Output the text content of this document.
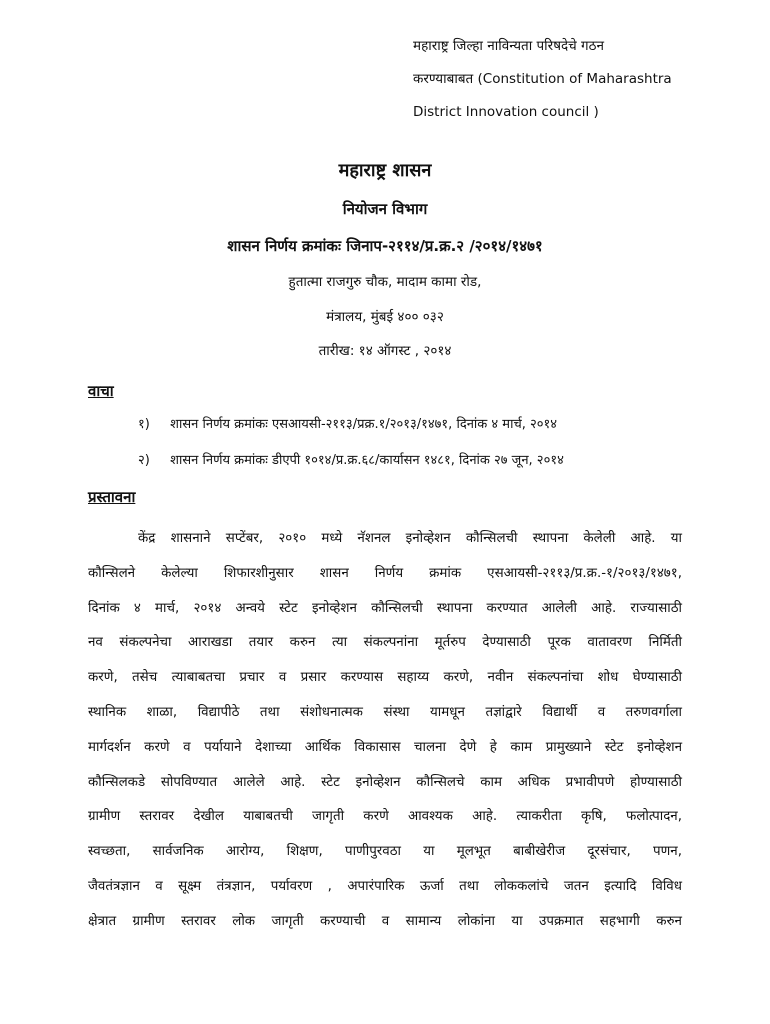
महाराष्ट्र जिल्हा नाविन्यता परिषदेचे गठन
करण्याबाबत (Constitution of Maharashtra
District Innovation council )
महाराष्ट्र शासन
नियोजन विभाग
शासन निर्णय क्रमांकः जिनाप-२११४/प्र.क्र.२ /२०१४/१४७१
हुतात्मा राजगुरु चौक, मादाम कामा रोड,
मंत्रालय, मुंबई ४०० ०३२
तारीख: १४ ऑगस्ट , २०१४
वाचा
१) शासन निर्णय क्रमांकः एसआयसी-२११३/प्रक्र.१/२०१३/१४७१, दिनांक ४ मार्च, २०१४
२) शासन निर्णय क्रमांकः डीएपी १०१४/प्र.क्र.६८/कार्यासन १४८१, दिनांक २७ जून, २०१४
प्रस्तावना
केंद्र शासनाने सप्टेंबर, २०१० मध्ये नॅशनल इनोव्हेशन कौन्सिलची स्थापना केलेली आहे. या
कौन्सिलने केलेल्या शिफारशीनुसार शासन निर्णय क्रमांक एसआयसी-२११३/प्र.क्र.-१/२०१३/१४७१,
दिनांक ४ मार्च, २०१४ अन्वये स्टेट इनोव्हेशन कौन्सिलची स्थापना करण्यात आलेली आहे. राज्यासाठी
नव संकल्पनेचा आराखडा तयार करुन त्या संकल्पनांना मूर्तरुप देण्यासाठी पूरक वातावरण निर्मिती
करणे, तसेच त्याबाबतचा प्रचार व प्रसार करण्यास सहाय्य करणे, नवीन संकल्पनांचा शोध घेण्यासाठी
स्थानिक शाळा, विद्यापीठे तथा संशोधनात्मक संस्था यामधून तज्ञांद्वारे विद्यार्थी व तरुणवर्गाला
मार्गदर्शन करणे व पर्यायाने देशाच्या आर्थिक विकासास चालना देणे हे काम प्रामुख्याने स्टेट इनोव्हेशन
कौन्सिलकडे सोपविण्यात आलेले आहे. स्टेट इनोव्हेशन कौन्सिलचे काम अधिक प्रभावीपणे होण्यासाठी
ग्रामीण स्तरावर देखील याबाबतची जागृती करणे आवश्यक आहे. त्याकरीता कृषि, फलोत्पादन,
स्वच्छता, सार्वजनिक आरोग्य, शिक्षण, पाणीपुरवठा या मूलभूत बाबीखेरीज दूरसंचार, पणन,
जैवतंत्रज्ञान व सूक्ष्म तंत्रज्ञान, पर्यावरण , अपारंपारिक ऊर्जा तथा लोककलांचे जतन इत्यादि विविध
क्षेत्रात ग्रामीण स्तरावर लोक जागृती करण्याची व सामान्य लोकांना या उपक्रमात सहभागी करुन
